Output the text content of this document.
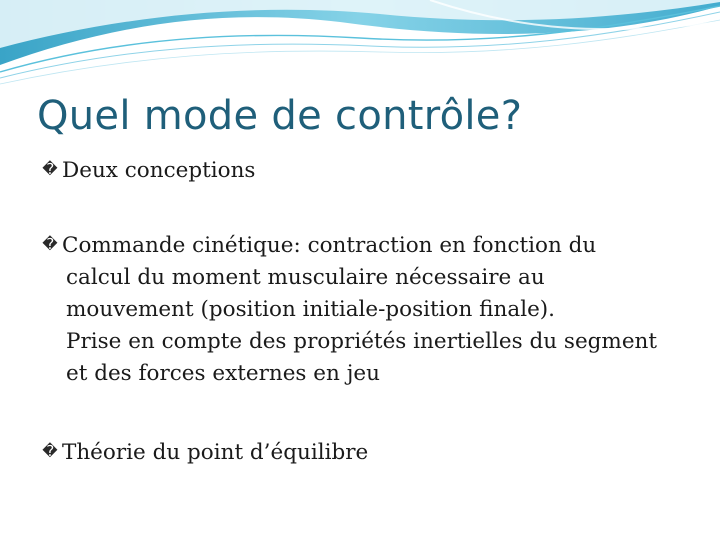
Quel mode de contrôle?
� Deux conceptions
� Commande cinétique: contraction en fonction du
calcul du moment musculaire nécessaire au
mouvement (position initiale-position finale).
Prise en compte des propriétés inertielles du segment
et des forces externes en jeu
� Théorie du point d’équilibre
